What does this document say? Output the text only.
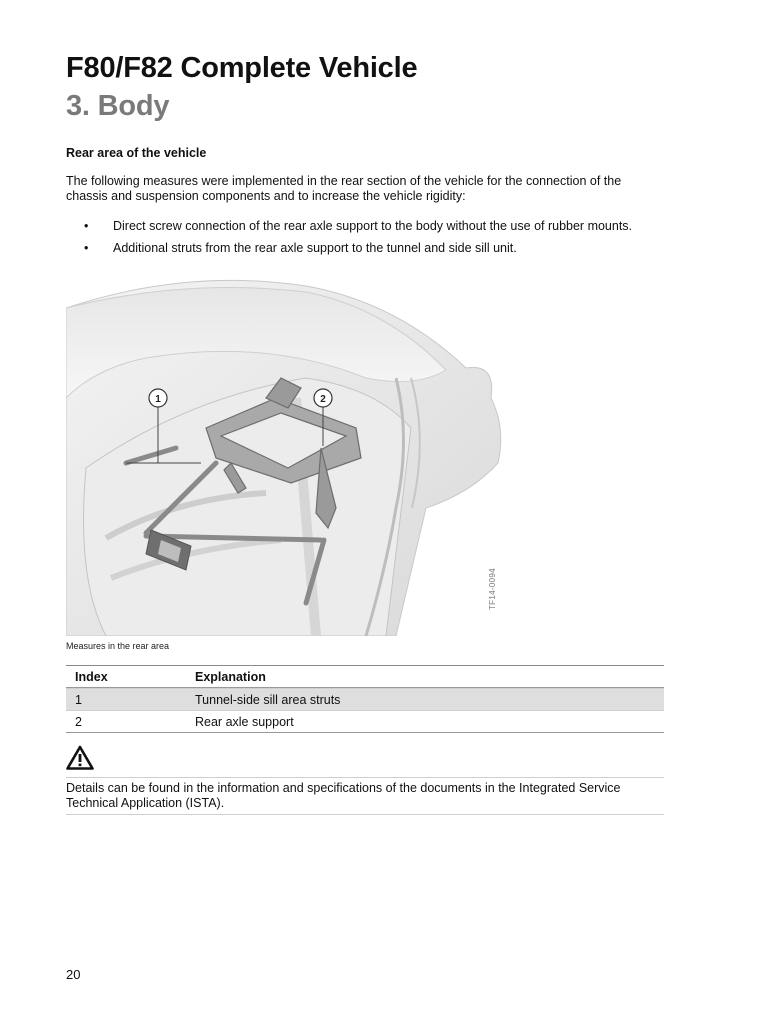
F80/F82 Complete Vehicle
3. Body
Rear area of the vehicle

The following measures were implemented in the rear section of the vehicle for the connection of the chassis and suspension components and to increase the vehicle rigidity:

• Direct screw connection of the rear axle support to the body without the use of rubber mounts.
• Additional struts from the rear axle support to the tunnel and side sill unit.
1	2
TF14-0094
Measures in the rear area
Index	Explanation
1	Tunnel-side sill area struts
2	Rear axle support

Details can be found in the information and specifications of the documents in the Integrated Service Technical Application (ISTA).

20
